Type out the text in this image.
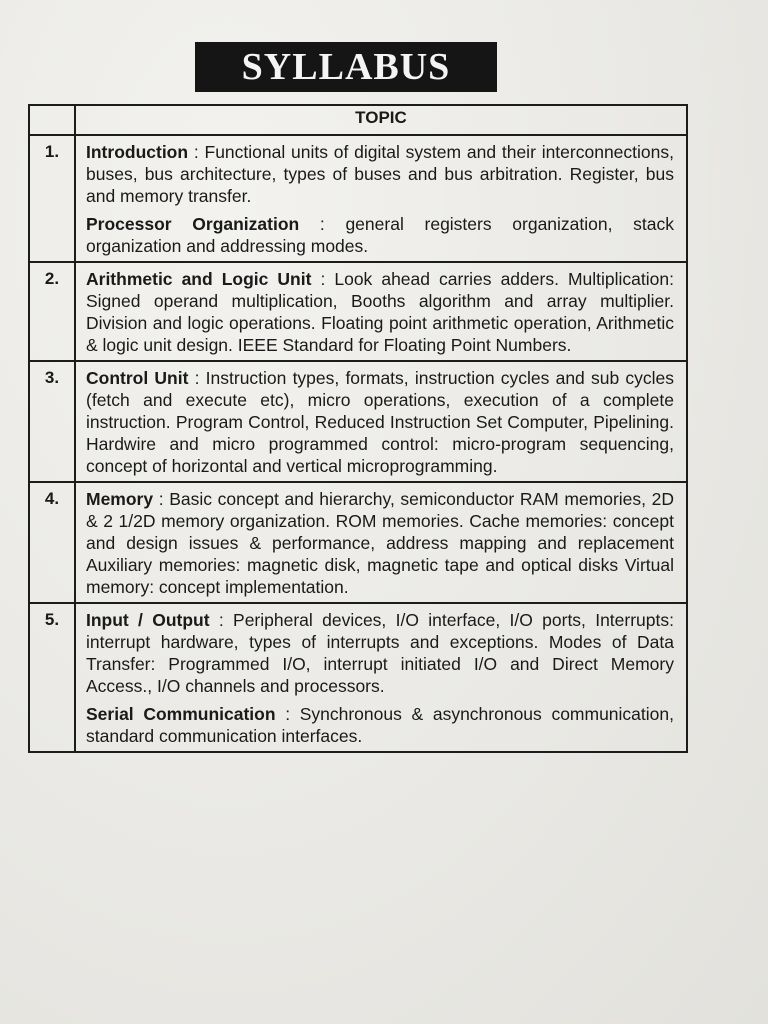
SYLLABUS
	TOPIC
1.	Introduction : Functional units of digital system and their interconnections, buses, bus architecture, types of buses and bus arbitration. Register, bus and memory transfer.

Processor Organization : general registers organization, stack organization and addressing modes.

2.	Arithmetic and Logic Unit : Look ahead carries adders. Multiplication: Signed operand multiplication, Booths algorithm and array multiplier. Division and logic operations. Floating point arithmetic operation, Arithmetic & logic unit design. IEEE Standard for Floating Point Numbers.

3.	Control Unit : Instruction types, formats, instruction cycles and sub cycles (fetch and execute etc), micro operations, execution of a complete instruction. Program Control, Reduced Instruction Set Computer, Pipelining. Hardwire and micro programmed control: micro-program sequencing, concept of horizontal and vertical microprogramming.

4.	Memory : Basic concept and hierarchy, semiconductor RAM memories, 2D & 2 1/2D memory organization. ROM memories. Cache memories: concept and design issues & performance, address mapping and replacement Auxiliary memories: magnetic disk, magnetic tape and optical disks Virtual memory: concept implementation.

5.	Input / Output : Peripheral devices, I/O interface, I/O ports, Interrupts: interrupt hardware, types of interrupts and exceptions. Modes of Data Transfer: Programmed I/O, interrupt initiated I/O and Direct Memory Access., I/O channels and processors.

Serial Communication : Synchronous & asynchronous communication, standard communication interfaces.
